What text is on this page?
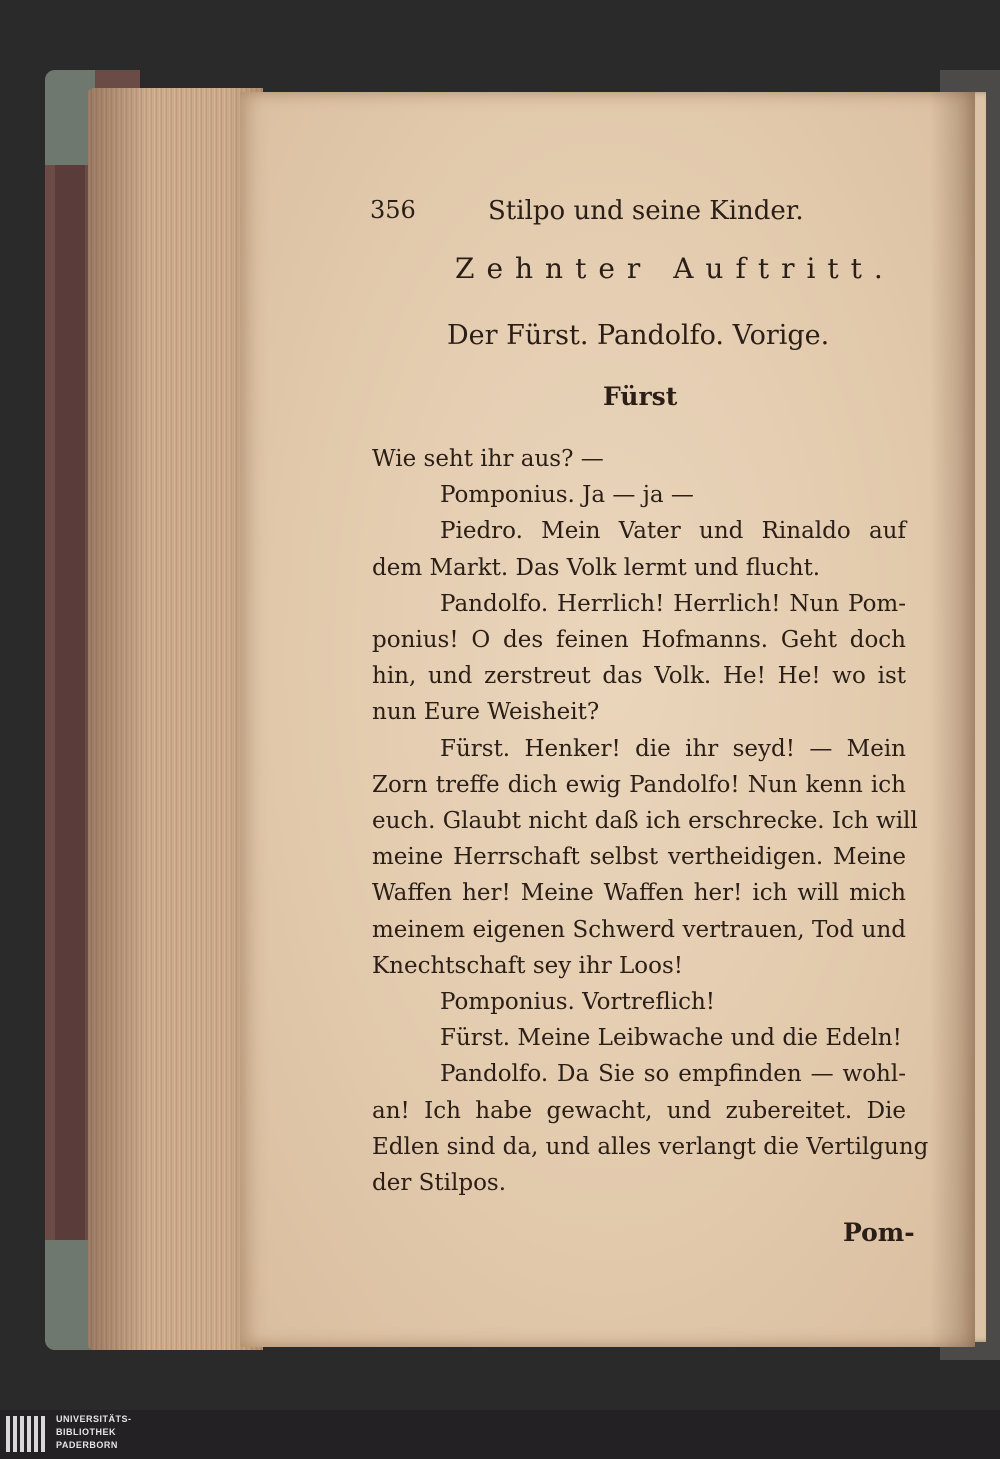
356	Stilpo und seine Kinder.
Zehnter Auftritt.
Der Fürst. Pandolfo. Vorige.
Fürst
Wie seht ihr aus? —
Pomponius. Ja — ja —
Piedro. Mein Vater und Rinaldo auf
dem Markt. Das Volk lermt und flucht.
Pandolfo. Herrlich! Herrlich! Nun Pom-
ponius! O des feinen Hofmanns. Geht doch
hin, und zerstreut das Volk. He! He! wo ist
nun Eure Weisheit?
Fürst. Henker! die ihr seyd! — Mein
Zorn treffe dich ewig Pandolfo! Nun kenn ich
euch. Glaubt nicht daß ich erschrecke. Ich will
meine Herrschaft selbst vertheidigen. Meine
Waffen her! Meine Waffen her! ich will mich
meinem eigenen Schwerd vertrauen, Tod und
Knechtschaft sey ihr Loos!
Pomponius. Vortreflich!
Fürst. Meine Leibwache und die Edeln!
Pandolfo. Da Sie so empfinden — wohl-
an! Ich habe gewacht, und zubereitet. Die
Edlen sind da, und alles verlangt die Vertilgung
der Stilpos.
Pom-
UNIVERSITÄTS-
BIBLIOTHEK
PADERBORN
